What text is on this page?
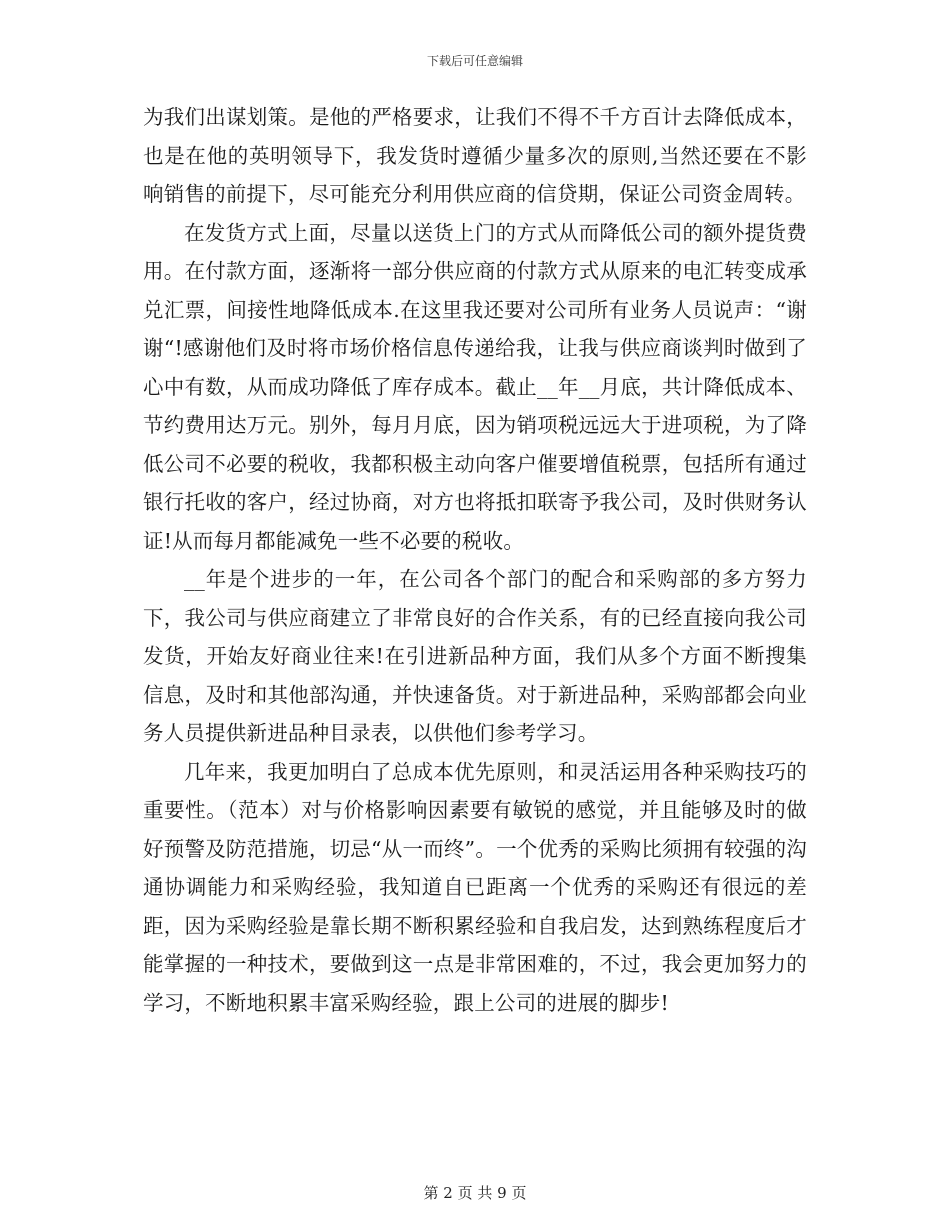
下载后可任意编辑

为我们出谋划策。是他的严格要求，让我们不得不千方百计去降低成本，也是在他的英明领导下，我发货时遵循少量多次的原则,当然还要在不影响销售的前提下，尽可能充分利用供应商的信贷期，保证公司资金周转。

在发货方式上面，尽量以送货上门的方式从而降低公司的额外提货费用。在付款方面，逐渐将一部分供应商的付款方式从原来的电汇转变成承兑汇票，间接性地降低成本.在这里我还要对公司所有业务人员说声：“谢谢“!感谢他们及时将市场价格信息传递给我，让我与供应商谈判时做到了心中有数，从而成功降低了库存成本。截止__年__月底，共计降低成本、节约费用达万元。别外，每月月底，因为销项税远远大于进项税，为了降低公司不必要的税收，我都积极主动向客户催要增值税票，包括所有通过银行托收的客户，经过协商，对方也将抵扣联寄予我公司，及时供财务认证!从而每月都能减免一些不必要的税收。

__年是个进步的一年，在公司各个部门的配合和采购部的多方努力下，我公司与供应商建立了非常良好的合作关系，有的已经直接向我公司发货，开始友好商业往来!在引进新品种方面，我们从多个方面不断搜集信息，及时和其他部沟通，并快速备货。对于新进品种，采购部都会向业务人员提供新进品种目录表，以供他们参考学习。

几年来，我更加明白了总成本优先原则，和灵活运用各种采购技巧的重要性。（范本）对与价格影响因素要有敏锐的感觉，并且能够及时的做好预警及防范措施，切忌“从一而终”。一个优秀的采购比须拥有较强的沟通协调能力和采购经验，我知道自已距离一个优秀的采购还有很远的差距，因为采购经验是靠长期不断积累经验和自我启发，达到熟练程度后才能掌握的一种技术，要做到这一点是非常困难的，不过，我会更加努力的学习，不断地积累丰富采购经验，跟上公司的进展的脚步!

第 2 页 共 9 页
